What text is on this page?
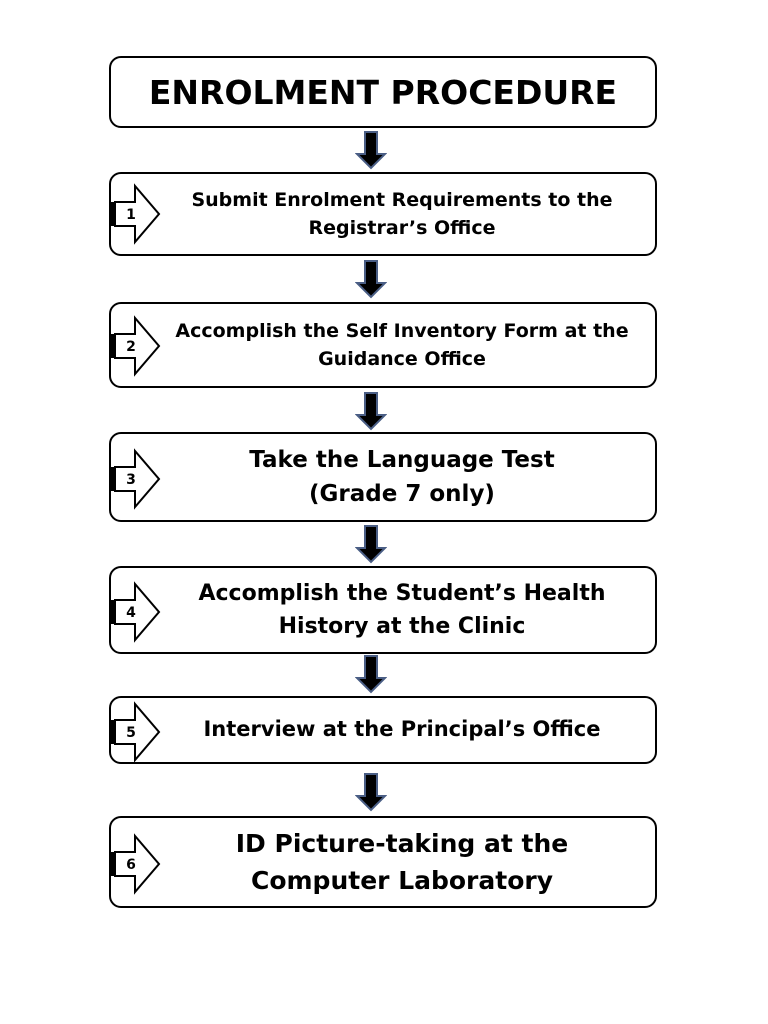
ENROLMENT PROCEDURE
1
Submit Enrolment Requirements to the
Registrar’s Office
2
Accomplish the Self Inventory Form at the
Guidance Office
3
Take the Language Test
(Grade 7 only)
4
Accomplish the Student’s Health
History at the Clinic
5	Interview at the Principal’s Office
6
ID Picture-taking at the
Computer Laboratory
